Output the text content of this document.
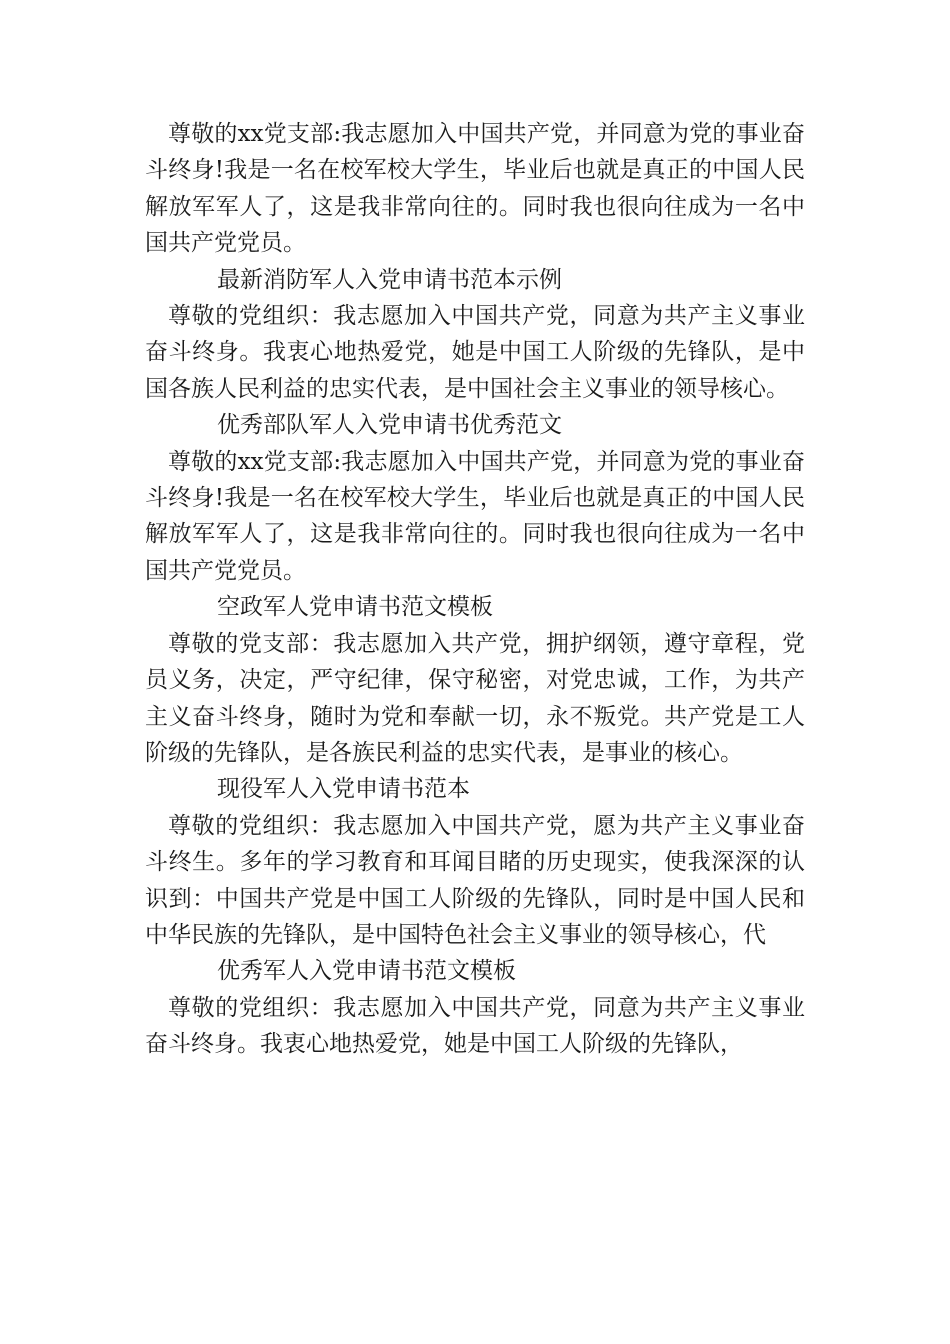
尊敬的xx党支部:我志愿加入中国共产党，并同意为党的事业奋斗终身!我是一名在校军校大学生，毕业后也就是真正的中国人民解放军军人了，这是我非常向往的。同时我也很向往成为一名中国共产党党员。

最新消防军人入党申请书范本示例

尊敬的党组织：我志愿加入中国共产党，同意为共产主义事业奋斗终身。我衷心地热爱党，她是中国工人阶级的先锋队，是中国各族人民利益的忠实代表，是中国社会主义事业的领导核心。

优秀部队军人入党申请书优秀范文

尊敬的xx党支部:我志愿加入中国共产党，并同意为党的事业奋斗终身!我是一名在校军校大学生，毕业后也就是真正的中国人民解放军军人了，这是我非常向往的。同时我也很向往成为一名中国共产党党员。

空政军人党申请书范文模板

尊敬的党支部：我志愿加入共产党，拥护纲领，遵守章程，党员义务，决定，严守纪律，保守秘密，对党忠诚，工作，为共产主义奋斗终身，随时为党和奉献一切，永不叛党。共产党是工人阶级的先锋队，是各族民利益的忠实代表，是事业的核心。

现役军人入党申请书范本

尊敬的党组织：我志愿加入中国共产党，愿为共产主义事业奋斗终生。多年的学习教育和耳闻目睹的历史现实，使我深深的认识到：中国共产党是中国工人阶级的先锋队，同时是中国人民和中华民族的先锋队，是中国特色社会主义事业的领导核心，代

优秀军人入党申请书范文模板

尊敬的党组织：我志愿加入中国共产党，同意为共产主义事业奋斗终身。我衷心地热爱党，她是中国工人阶级的先锋队，
